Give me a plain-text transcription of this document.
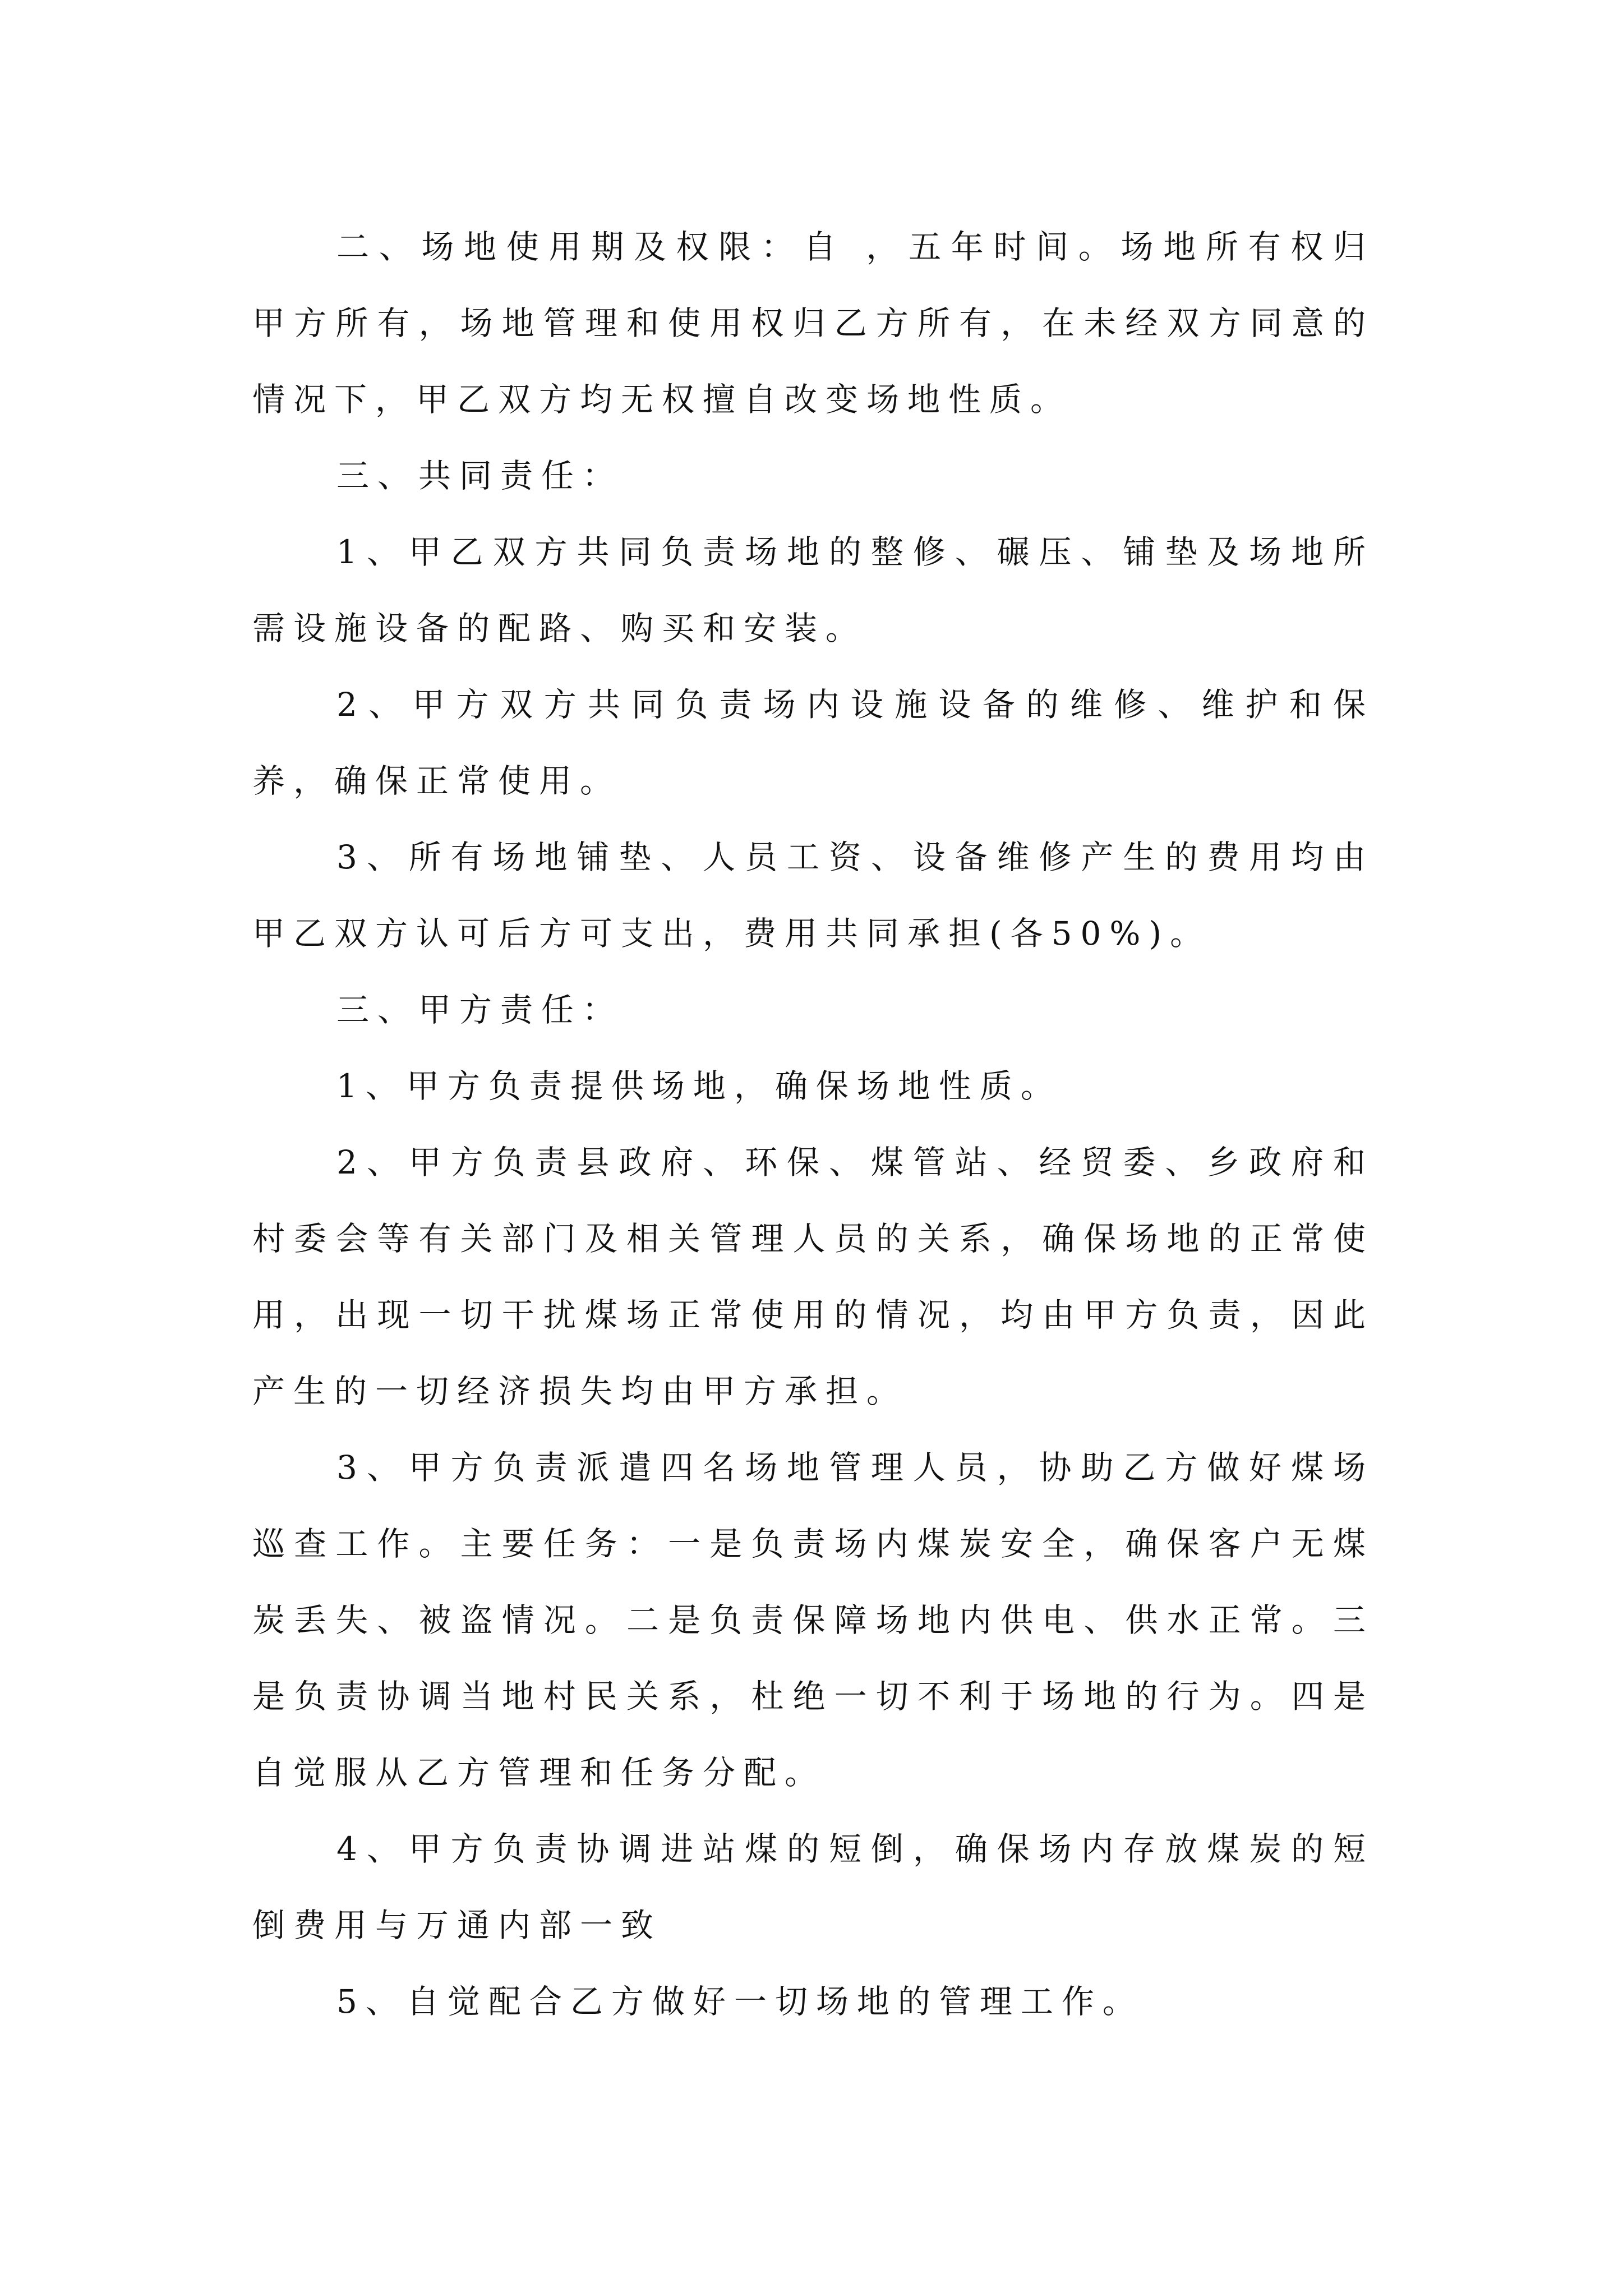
二、场地使用期及权限：自 ，五年时间。场地所有权归甲方所有，场地管理和使用权归乙方所有，在未经双方同意的情况下，甲乙双方均无权擅自改变场地性质。

三、共同责任：

1、甲乙双方共同负责场地的整修、碾压、铺垫及场地所需设施设备的配路、购买和安装。

2、甲方双方共同负责场内设施设备的维修、维护和保养，确保正常使用。

3、所有场地铺垫、人员工资、设备维修产生的费用均由甲乙双方认可后方可支出，费用共同承担(各50%)。

三、甲方责任：

1、甲方负责提供场地，确保场地性质。

2、甲方负责县政府、环保、煤管站、经贸委、乡政府和村委会等有关部门及相关管理人员的关系，确保场地的正常使用，出现一切干扰煤场正常使用的情况，均由甲方负责，因此产生的一切经济损失均由甲方承担。

3、甲方负责派遣四名场地管理人员，协助乙方做好煤场巡查工作。主要任务：一是负责场内煤炭安全，确保客户无煤炭丢失、被盗情况。二是负责保障场地内供电、供水正常。三是负责协调当地村民关系，杜绝一切不利于场地的行为。四是自觉服从乙方管理和任务分配。

4、甲方负责协调进站煤的短倒，确保场内存放煤炭的短倒费用与万通内部一致

5、自觉配合乙方做好一切场地的管理工作。
